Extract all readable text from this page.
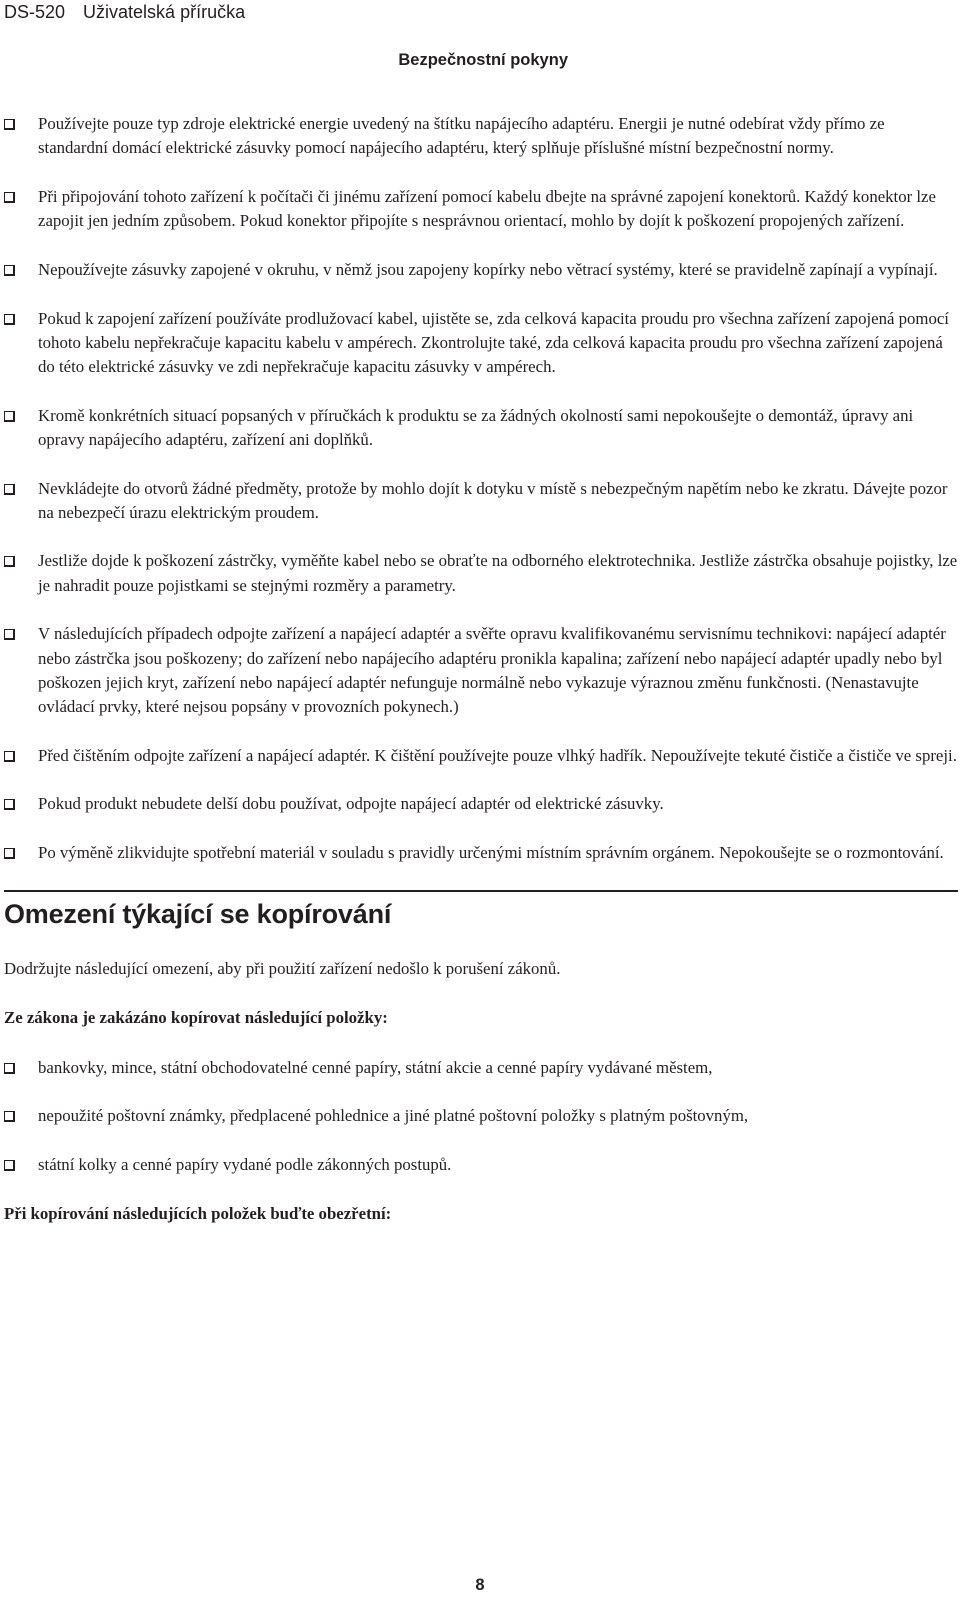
DS-520 Uživatelská příručka
Bezpečnostní pokyny
Používejte pouze typ zdroje elektrické energie uvedený na štítku napájecího adaptéru. Energii je nutné odebírat vždy přímo ze standardní domácí elektrické zásuvky pomocí napájecího adaptéru, který splňuje příslušné místní bezpečnostní normy.
Při připojování tohoto zařízení k počítači či jinému zařízení pomocí kabelu dbejte na správné zapojení konektorů. Každý konektor lze zapojit jen jedním způsobem. Pokud konektor připojíte s nesprávnou orientací, mohlo by dojít k poškození propojených zařízení.
Nepoužívejte zásuvky zapojené v okruhu, v němž jsou zapojeny kopírky nebo větrací systémy, které se pravidelně zapínají a vypínají.
Pokud k zapojení zařízení používáte prodlužovací kabel, ujistěte se, zda celková kapacita proudu pro všechna zařízení zapojená pomocí tohoto kabelu nepřekračuje kapacitu kabelu v ampérech. Zkontrolujte také, zda celková kapacita proudu pro všechna zařízení zapojená do této elektrické zásuvky ve zdi nepřekračuje kapacitu zásuvky v ampérech.
Kromě konkrétních situací popsaných v příručkách k produktu se za žádných okolností sami nepokoušejte o demontáž, úpravy ani opravy napájecího adaptéru, zařízení ani doplňků.
Nevkládejte do otvorů žádné předměty, protože by mohlo dojít k dotyku v místě s nebezpečným napětím nebo ke zkratu. Dávejte pozor na nebezpečí úrazu elektrickým proudem.
Jestliže dojde k poškození zástrčky, vyměňte kabel nebo se obraťte na odborného elektrotechnika. Jestliže zástrčka obsahuje pojistky, lze je nahradit pouze pojistkami se stejnými rozměry a parametry.
V následujících případech odpojte zařízení a napájecí adaptér a svěřte opravu kvalifikovanému servisnímu technikovi: napájecí adaptér nebo zástrčka jsou poškozeny; do zařízení nebo napájecího adaptéru pronikla kapalina; zařízení nebo napájecí adaptér upadly nebo byl poškozen jejich kryt, zařízení nebo napájecí adaptér nefunguje normálně nebo vykazuje výraznou změnu funkčnosti. (Nenastavujte ovládací prvky, které nejsou popsány v provozních pokynech.)
Před čištěním odpojte zařízení a napájecí adaptér. K čištění používejte pouze vlhký hadřík. Nepoužívejte tekuté čističe a čističe ve spreji.
Pokud produkt nebudete delší dobu používat, odpojte napájecí adaptér od elektrické zásuvky.
Po výměně zlikvidujte spotřební materiál v souladu s pravidly určenými místním správním orgánem. Nepokoušejte se o rozmontování.
Omezení týkající se kopírování

Dodržujte následující omezení, aby při použití zařízení nedošlo k porušení zákonů.

Ze zákona je zakázáno kopírovat následující položky:

bankovky, mince, státní obchodovatelné cenné papíry, státní akcie a cenné papíry vydávané městem,
nepoužité poštovní známky, předplacené pohlednice a jiné platné poštovní položky s platným poštovným,
státní kolky a cenné papíry vydané podle zákonných postupů.

Při kopírování následujících položek buďte obezřetní:

8
